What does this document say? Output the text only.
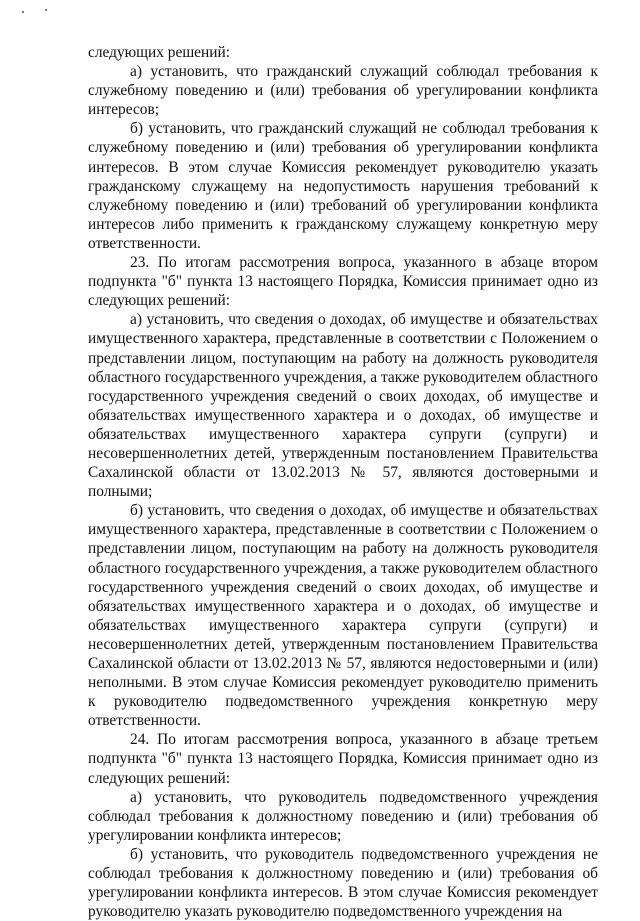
следующих решений:

а) установить, что гражданский служащий соблюдал требования к служебному поведению и (или) требования об урегулировании конфликта интересов;

б) установить, что гражданский служащий не соблюдал требования к служебному поведению и (или) требования об урегулировании конфликта интересов. В этом случае Комиссия рекомендует руководителю указать гражданскому служащему на недопустимость нарушения требований к служебному поведению и (или) требований об урегулировании конфликта интересов либо применить к гражданскому служащему конкретную меру ответственности.

23. По итогам рассмотрения вопроса, указанного в абзаце втором подпункта "б" пункта 13 настоящего Порядка, Комиссия принимает одно из следующих решений:

а) установить, что сведения о доходах, об имуществе и обязательствах имущественного характера, представленные в соответствии с Положением о представлении лицом, поступающим на работу на должность руководителя областного государственного учреждения, а также руководителем областного государственного учреждения сведений о своих доходах, об имуществе и обязательствах имущественного характера и о доходах, об имуществе и обязательствах имущественного характера супруги (супруги) и несовершеннолетних детей, утвержденным постановлением Правительства Сахалинской области от 13.02.2013 № 57, являются достоверными и полными;

б) установить, что сведения о доходах, об имуществе и обязательствах имущественного характера, представленные в соответствии с Положением о представлении лицом, поступающим на работу на должность руководителя областного государственного учреждения, а также руководителем областного государственного учреждения сведений о своих доходах, об имуществе и обязательствах имущественного характера и о доходах, об имуществе и обязательствах имущественного характера супруги (супруги) и несовершеннолетних детей, утвержденным постановлением Правительства Сахалинской области от 13.02.2013 № 57, являются недостоверными и (или) неполными. В этом случае Комиссия рекомендует руководителю применить к руководителю подведомственного учреждения конкретную меру ответственности.

24. По итогам рассмотрения вопроса, указанного в абзаце третьем подпункта "б" пункта 13 настоящего Порядка, Комиссия принимает одно из следующих решений:

а) установить, что руководитель подведомственного учреждения соблюдал требования к должностному поведению и (или) требования об урегулировании конфликта интересов;

б) установить, что руководитель подведомственного учреждения не соблюдал требования к должностному поведению и (или) требования об урегулировании конфликта интересов. В этом случае Комиссия рекомендует руководителю указать руководителю подведомственного учреждения на
